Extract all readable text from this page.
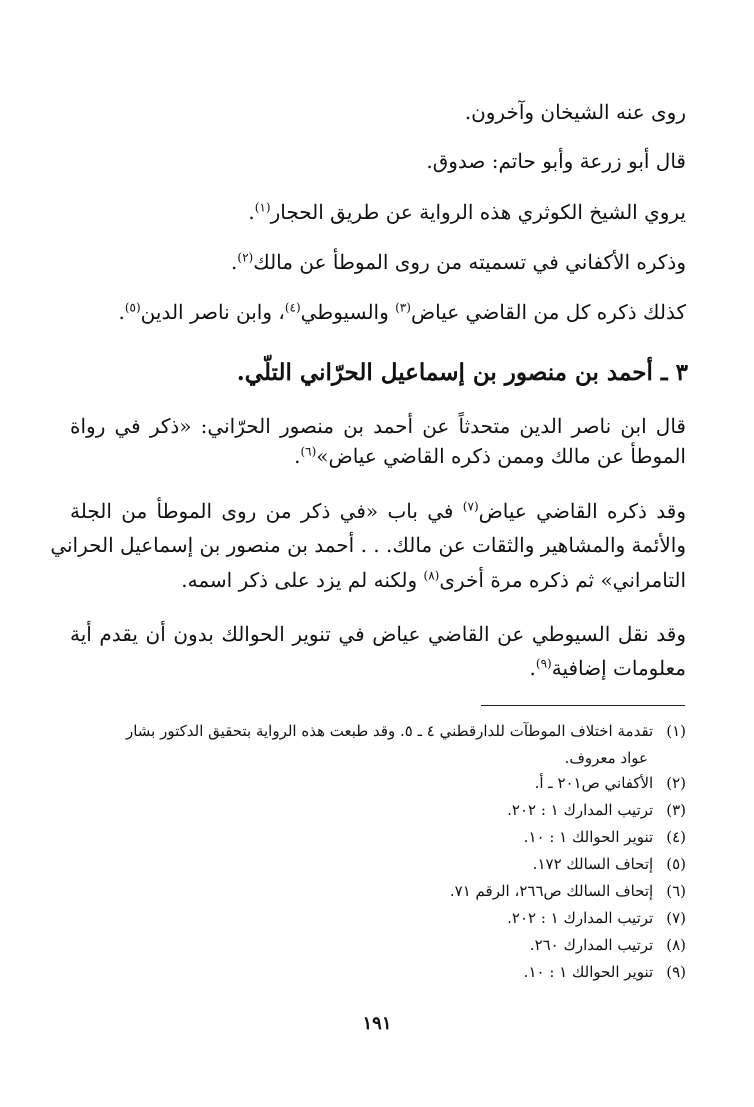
روى عنه الشيخان وآخرون.
قال أبو زرعة وأبو حاتم: صدوق.
يروي الشيخ الكوثري هذه الرواية عن طريق الحجار$^{(١)}$.
وذكره الأكفاني في تسميته من روى الموطأ عن مالك$^{(٢)}$.
كذلك ذكره كل من القاضي عياض$^{(٣)}$ والسيوطي$^{(٤)}$، وابن ناصر الدين$^{(٥)}$.
٣ ـ أحمد بن منصور بن إسماعيل الحرّاني التلّي.
قال ابن ناصر الدين متحدثاً عن أحمد بن منصور الحرّاني: «ذكر في رواة
الموطأ عن مالك وممن ذكره القاضي عياض»$^{(٦)}$.
وقد ذكره القاضي عياض$^{(٧)}$ في باب «في ذكر من روى الموطأ من الجلة
والأئمة والمشاهير والثقات عن مالك. . . أحمد بن منصور بن إسماعيل الحراني
التامراني» ثم ذكره مرة أخرى$^{(٨)}$ ولكنه لم يزد على ذكر اسمه.
وقد نقل السيوطي عن القاضي عياض في تنوير الحوالك بدون أن يقدم أية
معلومات إضافية$^{(٩)}$.
(١) تقدمة اختلاف الموطآت للدارقطني ٤ ـ ٥. وقد طبعت هذه الرواية بتحقيق الدكتور بشار
عواد معروف.
(٢) الأكفاني ص٢٠١ ـ أ.
(٣) ترتيب المدارك ١ : ٢٠٢.
(٤) تنوير الحوالك ١ : ١٠.
(٥) إتحاف السالك ١٧٢.
(٦) إتحاف السالك ص٢٦٦، الرقم ٧١.
(٧) ترتيب المدارك ١ : ٢٠٢.
(٨) ترتيب المدارك ٢٦٠.
(٩) تنوير الحوالك ١ : ١٠.
١٩١
